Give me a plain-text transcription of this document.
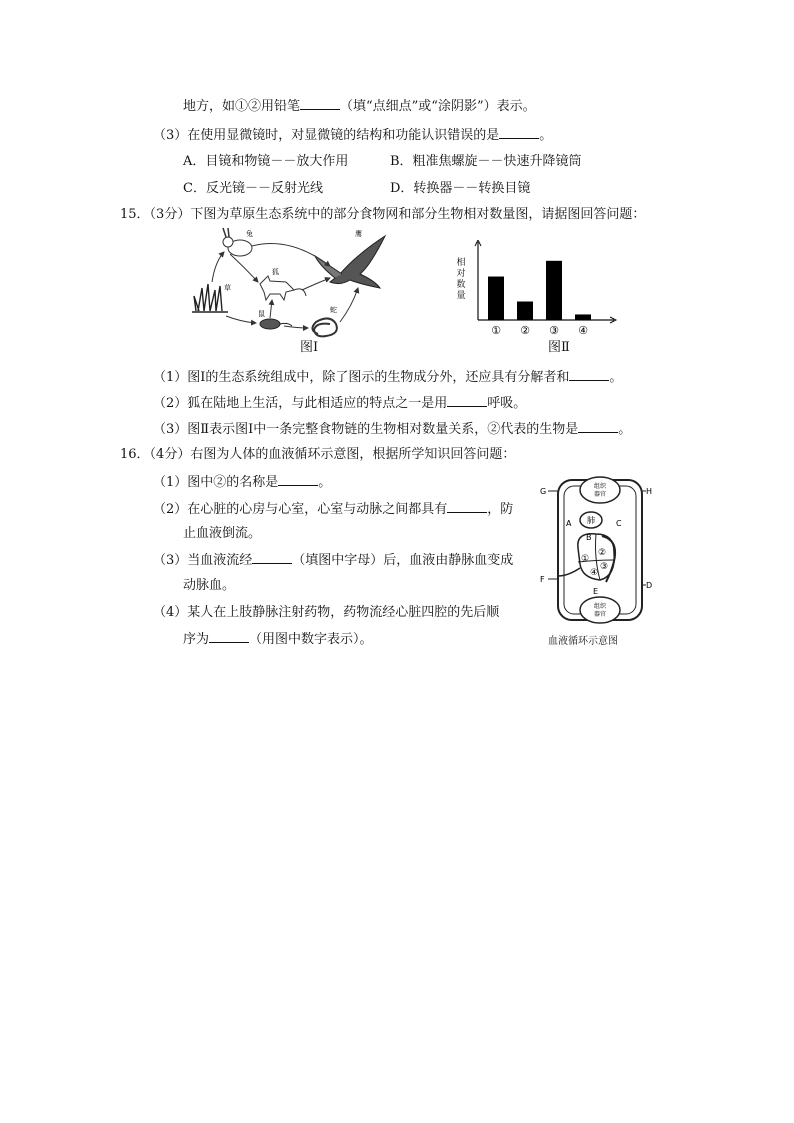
地方，如①②用铅笔	（填“点细点”或“涂阴影”）表示。
（3）在使用显微镜时，对显微镜的结构和功能认识错误的是	。
A．目镜和物镜－－放大作用	B．粗准焦螺旋－－快速升降镜筒
C．反光镜－－反射光线	D．转换器－－转换目镜
15．（3分）下图为草原生态系统中的部分食物网和部分生物相对数量图，请据图回答问题：
草
兔	鹰
狐
鼠	蛇
图Ⅰ
① ② ③ ④
相
对
数
量
图Ⅱ
（1）图Ⅰ的生态系统组成中，除了图示的生物成分外，还应具有分解者和	。
（2）狐在陆地上生活，与此相适应的特点之一是用	呼吸。
（3）图Ⅱ表示图Ⅰ中一条完整食物链的生物相对数量关系，②代表的生物是	。
16．（4分）右图为人体的血液循环示意图，根据所学知识回答问题：
（1）图中②的名称是	。
（2）在心脏的心房与心室，心室与动脉之间都具有	，防
止血液倒流。
（3）当血液流经	（填图中字母）后，血液由静脉血变成
动脉血。
（4）某人在上肢静脉注射药物，药物流经心脏四腔的先后顺
序为	（用图中数字表示）。
组织
器官
组织
器官
肺
①
②
③
④
G	H
A
B
C
E
F
D
血液循环示意图
